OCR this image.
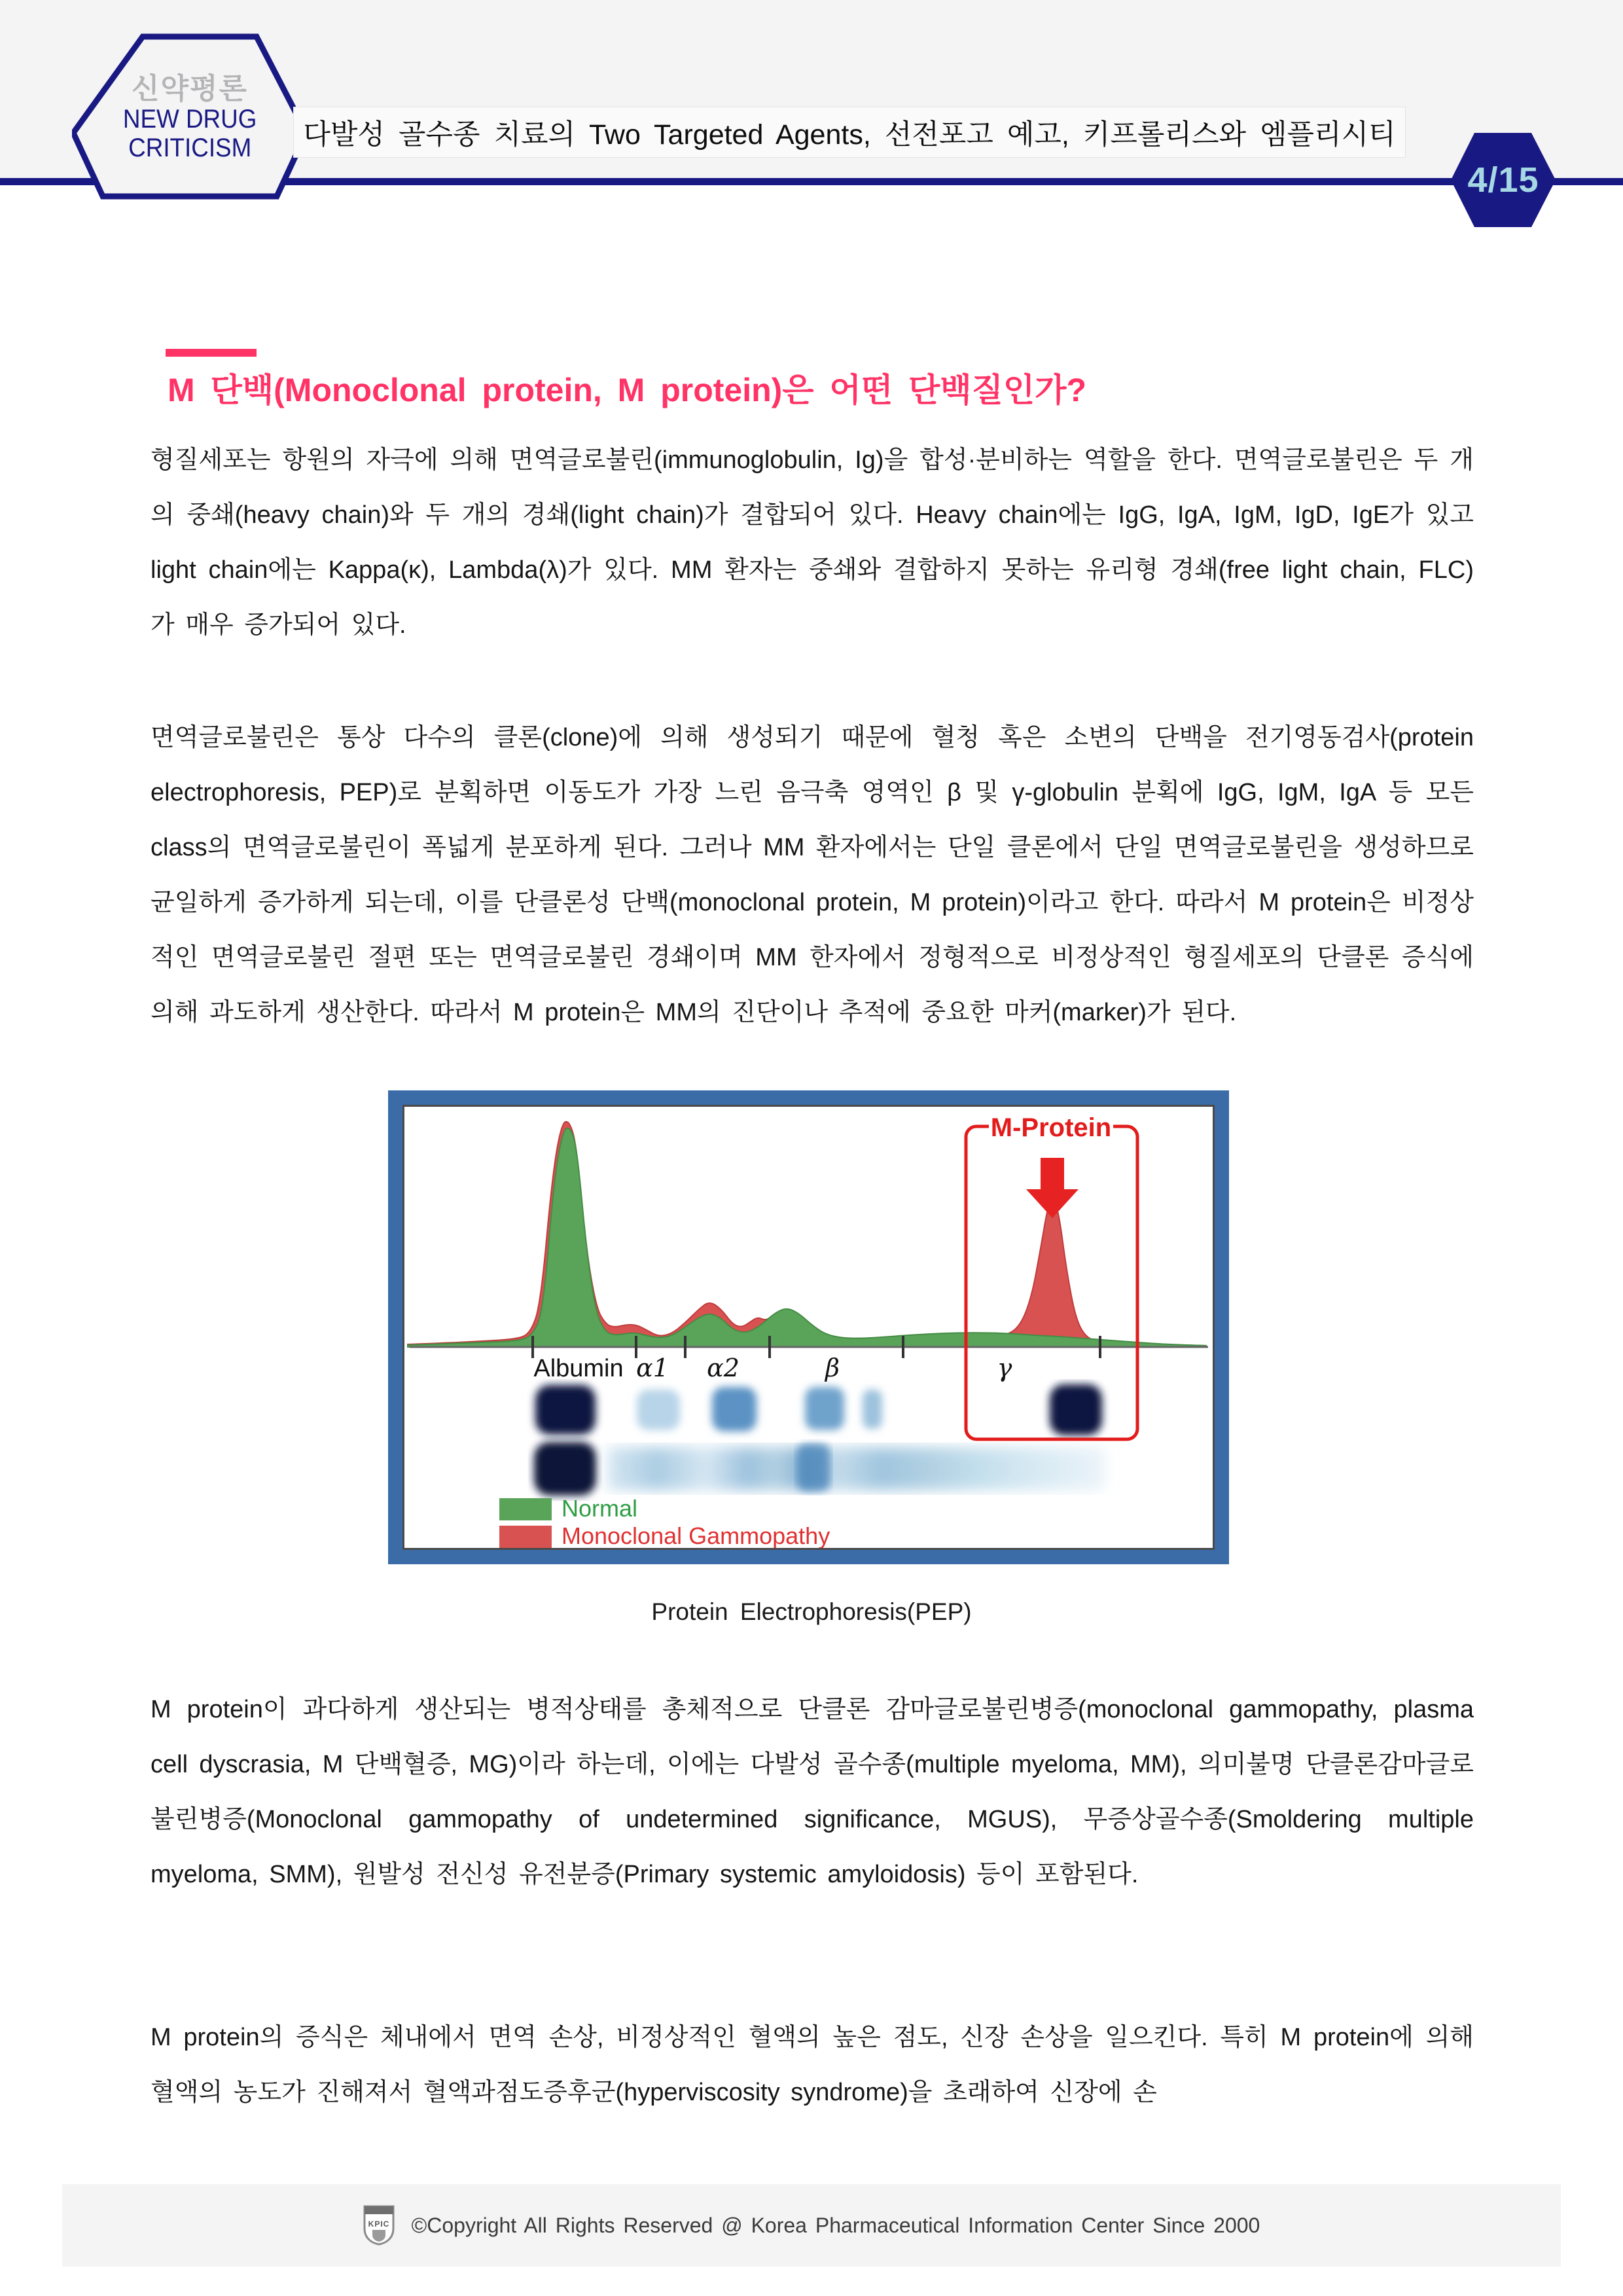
신약평론
NEW DRUG
CRITICISM 다발성 골수종 치료의 Two Targeted Agents, 선전포고 예고, 키프롤리스와 엠플리시티
4/15
M 단백(Monoclonal protein, M protein)은 어떤 단백질인가?
형질세포는 항원의 자극에 의해 면역글로불린(immunoglobulin, Ig)을 합성·분비하는 역할을 한다. 면역글로불린은 두 개의 중쇄(heavy chain)와 두 개의 경쇄(light chain)가 결합되어 있다. Heavy chain에는 IgG, IgA, IgM, IgD, IgE가 있고 light chain에는 Kappa(κ), Lambda(λ)가 있다. MM 환자는 중쇄와 결합하지 못하는 유리형 경쇄(free light chain, FLC)가 매우 증가되어 있다.
면역글로불린은 통상 다수의 클론(clone)에 의해 생성되기 때문에 혈청 혹은 소변의 단백을 전기영동검사(protein electrophoresis, PEP)로 분획하면 이동도가 가장 느린 음극축 영역인 β 및 γ-globulin 분획에 IgG, IgM, IgA 등 모든 class의 면역글로불린이 폭넓게 분포하게 된다. 그러나 MM 환자에서는 단일 클론에서 단일 면역글로불린을 생성하므로 균일하게 증가하게 되는데, 이를 단클론성 단백(monoclonal protein, M protein)이라고 한다. 따라서 M protein은 비정상적인 면역글로불린 절편 또는 면역글로불린 경쇄이며 MM 한자에서 정형적으로 비정상적인 형질세포의 단클론 증식에 의해 과도하게 생산한다. 따라서 M protein은 MM의 진단이나 추적에 중요한 마커(marker)가 된다.
Albumin α1 α2	β	γ
M-Protein
Normal
Monoclonal Gammopathy
Protein Electrophoresis(PEP)
M protein이 과다하게 생산되는 병적상태를 총체적으로 단클론 감마글로불린병증(monoclonal gammopathy, plasma cell dyscrasia, M 단백혈증, MG)이라 하는데, 이에는 다발성 골수종(multiple myeloma, MM), 의미불명 단클론감마글로불린병증(Monoclonal gammopathy of undetermined significance, MGUS), 무증상골수종(Smoldering multiple myeloma, SMM), 원발성 전신성 유전분증(Primary systemic amyloidosis) 등이 포함된다.
M protein의 증식은 체내에서 면역 손상, 비정상적인 혈액의 높은 점도, 신장 손상을 일으킨다. 특히 M protein에 의해 혈액의 농도가 진해져서 혈액과점도증후군(hyperviscosity syndrome)을 초래하여 신장에 손
KPIC ©Copyright All Rights Reserved @ Korea Pharmaceutical Information Center Since 2000
